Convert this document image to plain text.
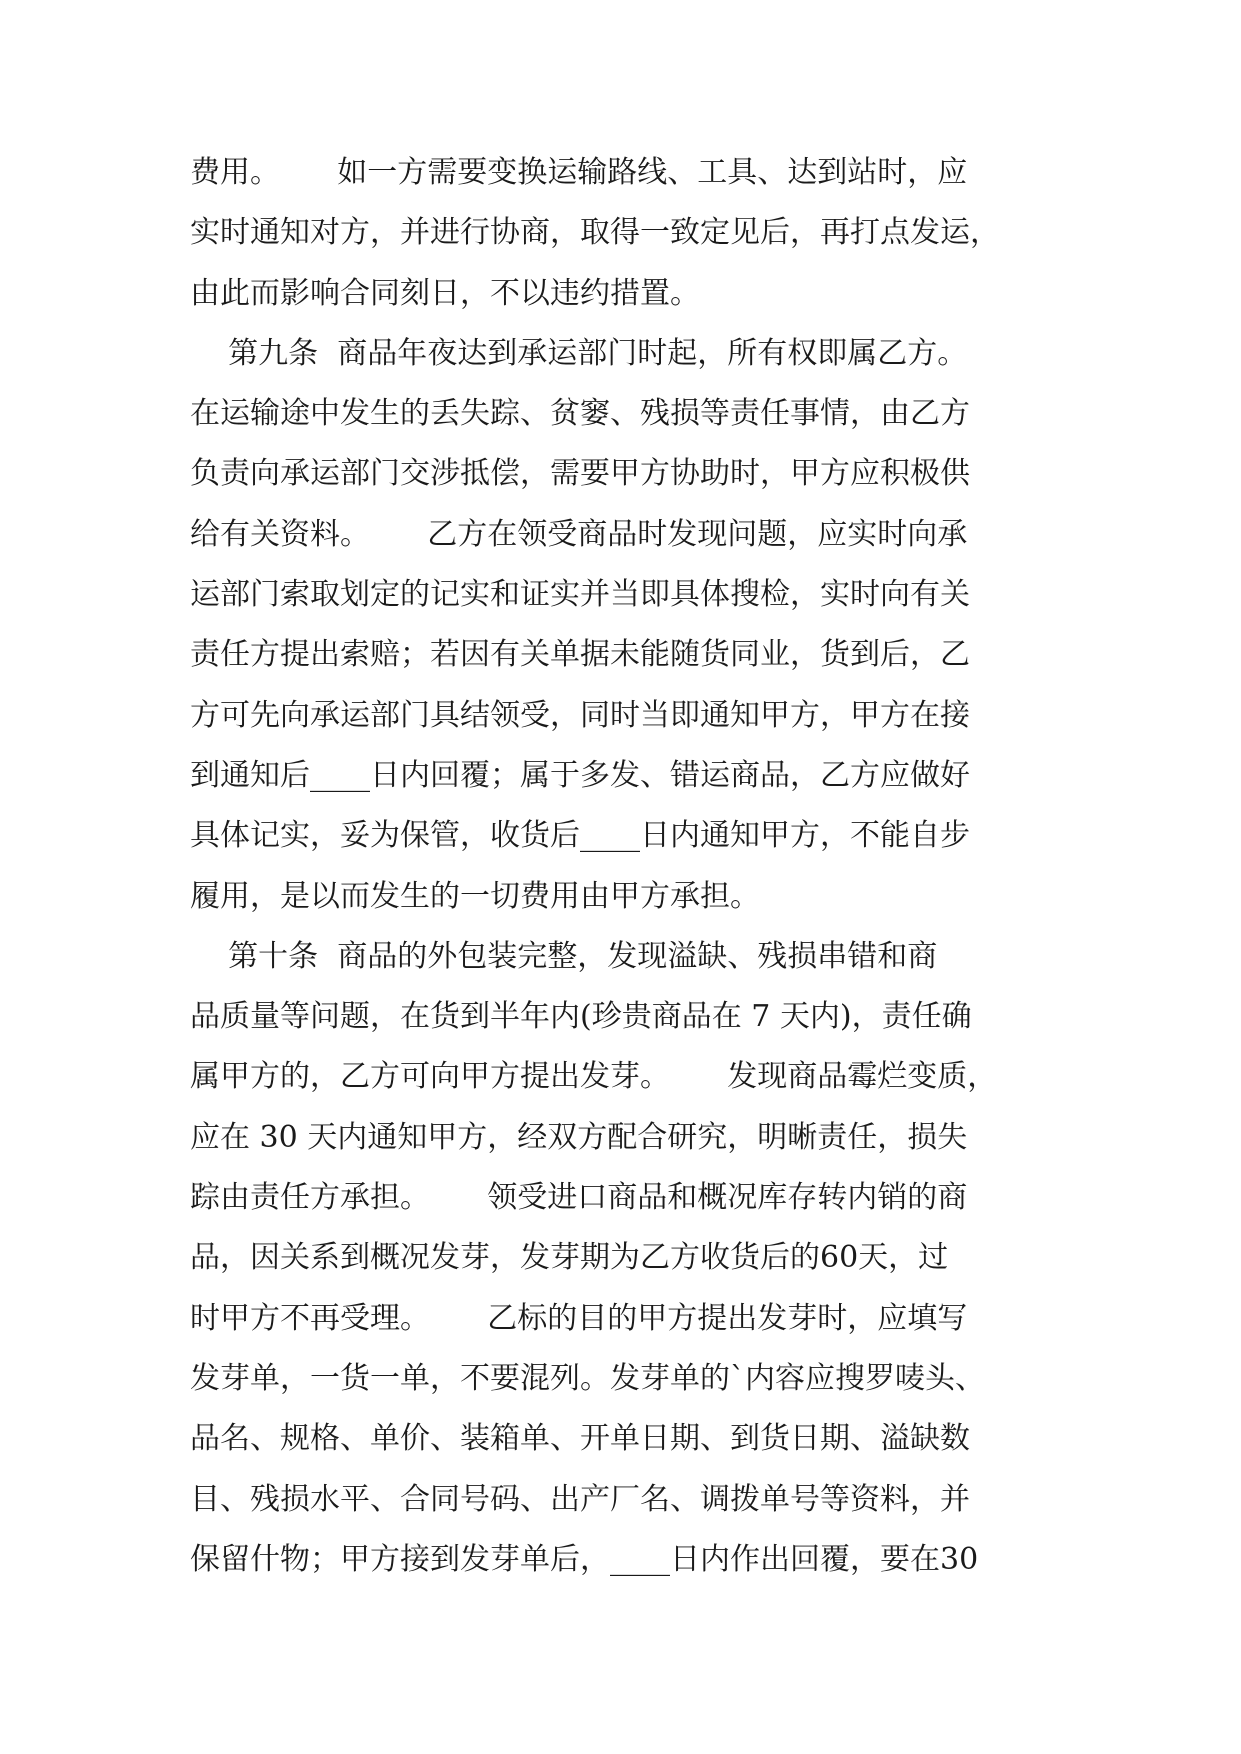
费用。      如一方需要变换运输路线、工具、达到站时，应
实时通知对方，并进行协商，取得一致定见后，再打点发运，
由此而影响合同刻日，不以违约措置。
第九条  商品年夜达到承运部门时起，所有权即属乙方。
在运输途中发生的丢失踪、贫窭、残损等责任事情，由乙方
负责向承运部门交涉抵偿，需要甲方协助时，甲方应积极供
给有关资料。      乙方在领受商品时发现问题，应实时向承
运部门索取划定的记实和证实并当即具体搜检，实时向有关
责任方提出索赔；若因有关单据未能随货同业，货到后，乙
方可先向承运部门具结领受，同时当即通知甲方，甲方在接
到通知后____日内回覆；属于多发、错运商品，乙方应做好
具体记实，妥为保管，收货后____日内通知甲方，不能自步
履用，是以而发生的一切费用由甲方承担。
第十条  商品的外包装完整，发现溢缺、残损串错和商
品质量等问题，在货到半年内(珍贵商品在 7 天内)，责任确
属甲方的，乙方可向甲方提出发芽。      发现商品霉烂变质，
应在 30 天内通知甲方，经双方配合研究，明晰责任，损失
踪由责任方承担。      领受进口商品和概况库存转内销的商
品，因关系到概况发芽，发芽期为乙方收货后的60天，过
时甲方不再受理。      乙标的目的甲方提出发芽时，应填写
发芽单，一货一单，不要混列。发芽单的`内容应搜罗唛头、
品名、规格、单价、装箱单、开单日期、到货日期、溢缺数
目、残损水平、合同号码、出产厂名、调拨单号等资料，并
保留什物；甲方接到发芽单后，____日内作出回覆，要在30
